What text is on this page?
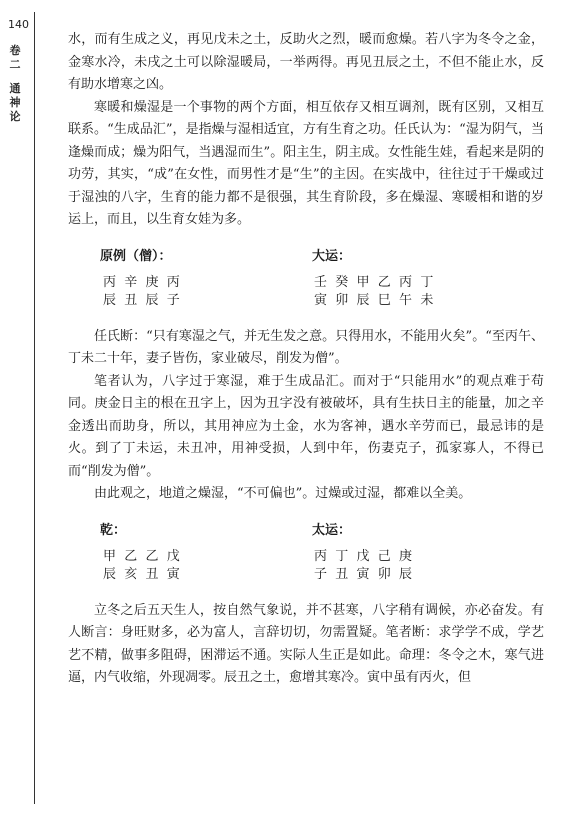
140
卷二
通神论

水，而有生成之义，再见戊未之土，反助火之烈，暖而愈燥。若八字为冬令之金，金寒水冷，未戌之土可以除湿暖局，一举两得。再见丑辰之土，不但不能止水，反有助水增寒之凶。

寒暖和燥湿是一个事物的两个方面，相互依存又相互调剂，既有区别，又相互联系。“生成品汇”，是指燥与湿相适宜，方有生育之功。任氏认为：“湿为阴气，当逢燥而成；燥为阳气，当遇湿而生”。阳主生，阴主成。女性能生娃，看起来是阴的功劳，其实，“成”在女性，而男性才是“生”的主因。在实战中，往往过于干燥或过于湿浊的八字，生育的能力都不是很强，其生育阶段，多在燥湿、寒暖相和谐的岁运上，而且，以生育女娃为多。

原例（僧）：	大运：
丙  辛  庚  丙
辰  丑  辰  子
壬  癸  甲  乙  丙  丁
寅  卯  辰  巳  午  未

任氏断：“只有寒湿之气，并无生发之意。只得用水，不能用火矣”。“至丙午、丁未二十年，妻子皆伤，家业破尽，削发为僧”。

笔者认为，八字过于寒湿，难于生成品汇。而对于“只能用水”的观点难于苟同。庚金日主的根在丑字上，因为丑字没有被破坏，具有生扶日主的能量，加之辛金透出而助身，所以，其用神应为土金，水为客神，遇水辛劳而已，最忌讳的是火。到了丁未运，未丑冲，用神受损，人到中年，伤妻克子，孤家寡人，不得已而“削发为僧”。

由此观之，地道之燥湿，“不可偏也”。过燥或过湿，都难以全美。

乾：	太运：
甲  乙  乙  戊
辰  亥  丑  寅
丙  丁  戊  己  庚
子  丑  寅  卯  辰

立冬之后五天生人，按自然气象说，并不甚寒，八字稍有调候，亦必奋发。有人断言：身旺财多，必为富人，言辞切切，勿需置疑。笔者断：求学学不成，学艺艺不精，做事多阻碍，困滞运不通。实际人生正是如此。命理：冬令之木，寒气进逼，内气收缩，外现凋零。辰丑之土，愈增其寒冷。寅中虽有丙火，但
